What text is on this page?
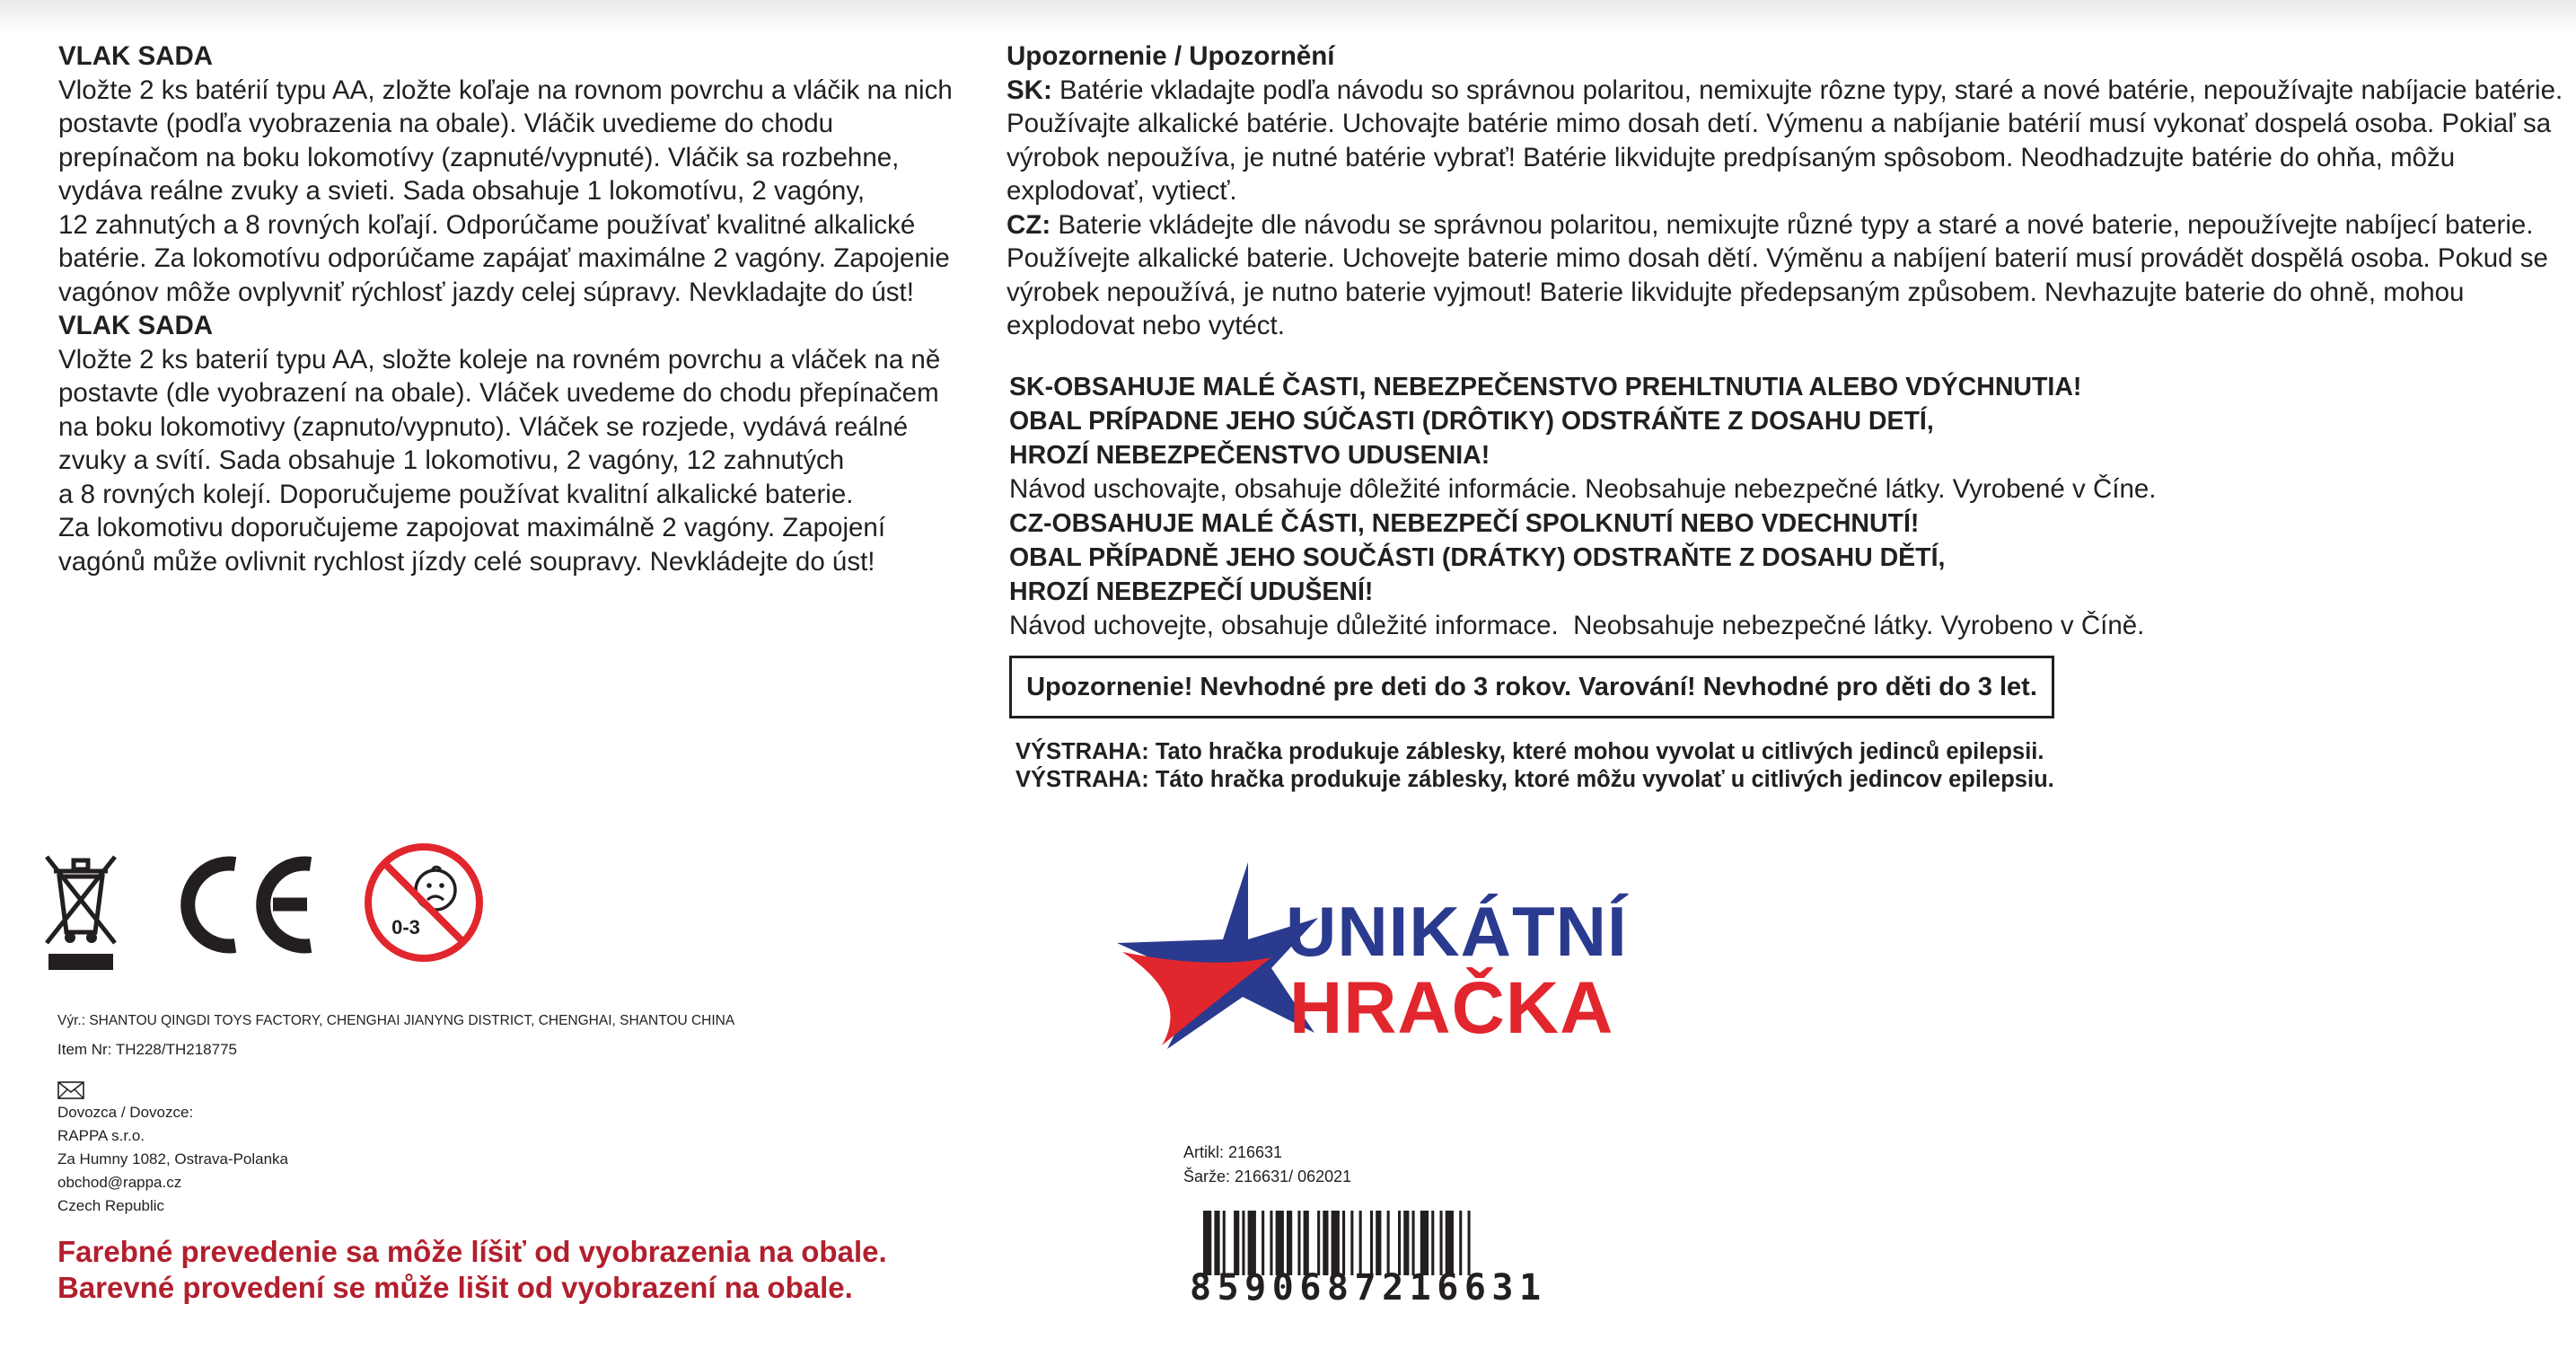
VLAK SADA
Vložte 2 ks batérií typu AA, zložte koľaje na rovnom povrchu a vláčik na nich
postavte (podľa vyobrazenia na obale). Vláčik uvedieme do chodu
prepínačom na boku lokomotívy (zapnuté/vypnuté). Vláčik sa rozbehne,
vydáva reálne zvuky a svieti. Sada obsahuje 1 lokomotívu, 2 vagóny,
12 zahnutých a 8 rovných koľají. Odporúčame používať kvalitné alkalické
batérie. Za lokomotívu odporúčame zapájať maximálne 2 vagóny. Zapojenie
vagónov môže ovplyvniť rýchlosť jazdy celej súpravy. Nevkladajte do úst!
VLAK SADA
Vložte 2 ks baterií typu AA, složte koleje na rovném povrchu a vláček na ně
postavte (dle vyobrazení na obale). Vláček uvedeme do chodu přepínačem
na boku lokomotivy (zapnuto/vypnuto). Vláček se rozjede, vydává reálné
zvuky a svítí. Sada obsahuje 1 lokomotivu, 2 vagóny, 12 zahnutých
a 8 rovných kolejí. Doporučujeme používat kvalitní alkalické baterie.
Za lokomotivu doporučujeme zapojovat maximálně 2 vagóny. Zapojení
vagónů může ovlivnit rychlost jízdy celé soupravy. Nevkládejte do úst!
Upozornenie / Upozornění
SK: Batérie vkladajte podľa návodu so správnou polaritou, nemixujte rôzne typy, staré a nové batérie, nepoužívajte nabíjacie batérie.
Používajte alkalické batérie. Uchovajte batérie mimo dosah detí. Výmenu a nabíjanie batérií musí vykonať dospelá osoba. Pokiaľ sa
výrobok nepoužíva, je nutné batérie vybrať! Batérie likvidujte predpísaným spôsobom. Neodhadzujte batérie do ohňa, môžu
explodovať, vytiecť.
CZ: Baterie vkládejte dle návodu se správnou polaritou, nemixujte různé typy a staré a nové baterie, nepoužívejte nabíjecí baterie.
Používejte alkalické baterie. Uchovejte baterie mimo dosah dětí. Výměnu a nabíjení baterií musí provádět dospělá osoba. Pokud se
výrobek nepoužívá, je nutno baterie vyjmout! Baterie likvidujte předepsaným způsobem. Nevhazujte baterie do ohně, mohou
explodovat nebo vytéct.
SK-OBSAHUJE MALÉ ČASTI, NEBEZPEČENSTVO PREHLTNUTIA ALEBO VDÝCHNUTIA!
OBAL PRÍPADNE JEHO SÚČASTI (DRÔTIKY) ODSTRÁŇTE Z DOSAHU DETÍ,
HROZÍ NEBEZPEČENSTVO UDUSENIA!
Návod uschovajte, obsahuje dôležité informácie. Neobsahuje nebezpečné látky. Vyrobené v Číne.
CZ-OBSAHUJE MALÉ ČÁSTI, NEBEZPEČÍ SPOLKNUTÍ NEBO VDECHNUTÍ!
OBAL PŘÍPADNĚ JEHO SOUČÁSTI (DRÁTKY) ODSTRAŇTE Z DOSAHU DĚTÍ,
HROZÍ NEBEZPEČÍ UDUŠENÍ!
Návod uchovejte, obsahuje důležité informace.  Neobsahuje nebezpečné látky. Vyrobeno v Číně.
Upozornenie! Nevhodné pre deti do 3 rokov. Varování! Nevhodné pro děti do 3 let.
VÝSTRAHA: Tato hračka produkuje záblesky, které mohou vyvolat u citlivých jedinců epilepsii.
VÝSTRAHA: Táto hračka produkuje záblesky, ktoré môžu vyvolať u citlivých jedincov epilepsiu.
0-3
Výr.: SHANTOU QINGDI TOYS FACTORY, CHENGHAI JIANYNG DISTRICT, CHENGHAI, SHANTOU CHINA
Item Nr: TH228/TH218775
Dovozca / Dovozce:
RAPPA s.r.o.
Za Humny 1082, Ostrava-Polanka
obchod@rappa.cz
Czech Republic
Farebné prevedenie sa môže líšiť od vyobrazenia na obale.
Barevné provedení se může lišit od vyobrazení na obale.
UNIKÁTNÍ
HRAČKA
Artikl: 216631
Šarže: 216631/ 062021
8590687216631
